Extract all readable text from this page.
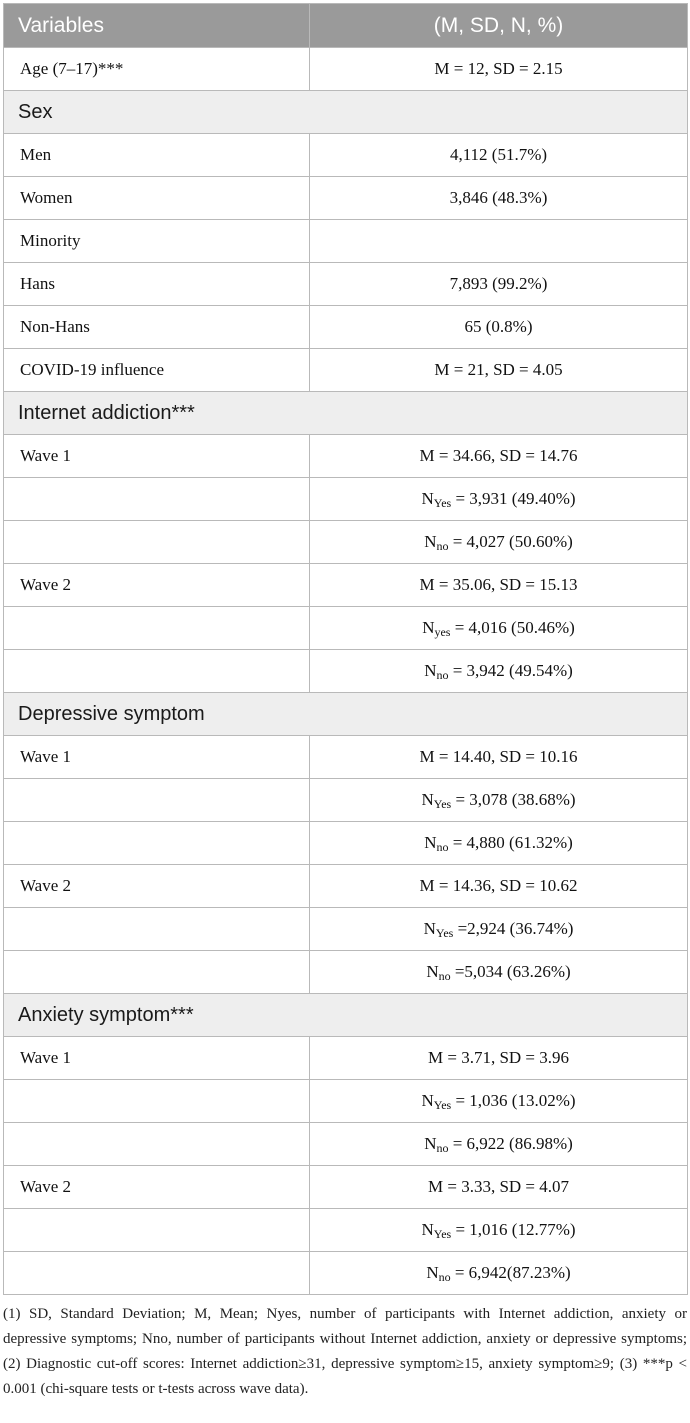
Variables	(M, SD, N, %)
Age (7–17)***	M = 12, SD = 2.15
Sex	
Men	4,112 (51.7%)
Women	3,846 (48.3%)
Minority	
Hans	7,893 (99.2%)
Non-Hans	65 (0.8%)
COVID-19 influence	M = 21, SD = 4.05
Internet addiction***	
Wave 1	M = 34.66, SD = 14.76
	$N_{Yes} = 3,931$ (49.40%)
	$N_{no} = 4,027$ (50.60%)
Wave 2	M = 35.06, SD = 15.13
	$N_{yes} = 4,016$ (50.46%)
	$N_{no} = 3,942$ (49.54%)
Depressive symptom	
Wave 1	M = 14.40, SD = 10.16
	$N_{Yes} = 3,078$ (38.68%)
	$N_{no} = 4,880$ (61.32%)
Wave 2	M = 14.36, SD = 10.62
	$N_{Yes} =2,924$ (36.74%)
	$N_{no} =5,034$ (63.26%)
Anxiety symptom***	
Wave 1	M = 3.71, SD = 3.96
	$N_{Yes} = 1,036$ (13.02%)
	$N_{no} = 6,922$ (86.98%)
Wave 2	M = 3.33, SD = 4.07
	$N_{Yes} = 1,016$ (12.77%)
	$N_{no} = 6,942(87.23\%)$
(1) SD, Standard Deviation; M, Mean; Nyes, number of participants with Internet addiction, anxiety or depressive symptoms; Nno, number of participants without Internet addiction, anxiety or depressive symptoms; (2) Diagnostic cut-off scores: Internet addiction≥31, depressive symptom≥15, anxiety symptom≥9; (3) ***p < 0.001 (chi-square tests or t-tests across wave data).
